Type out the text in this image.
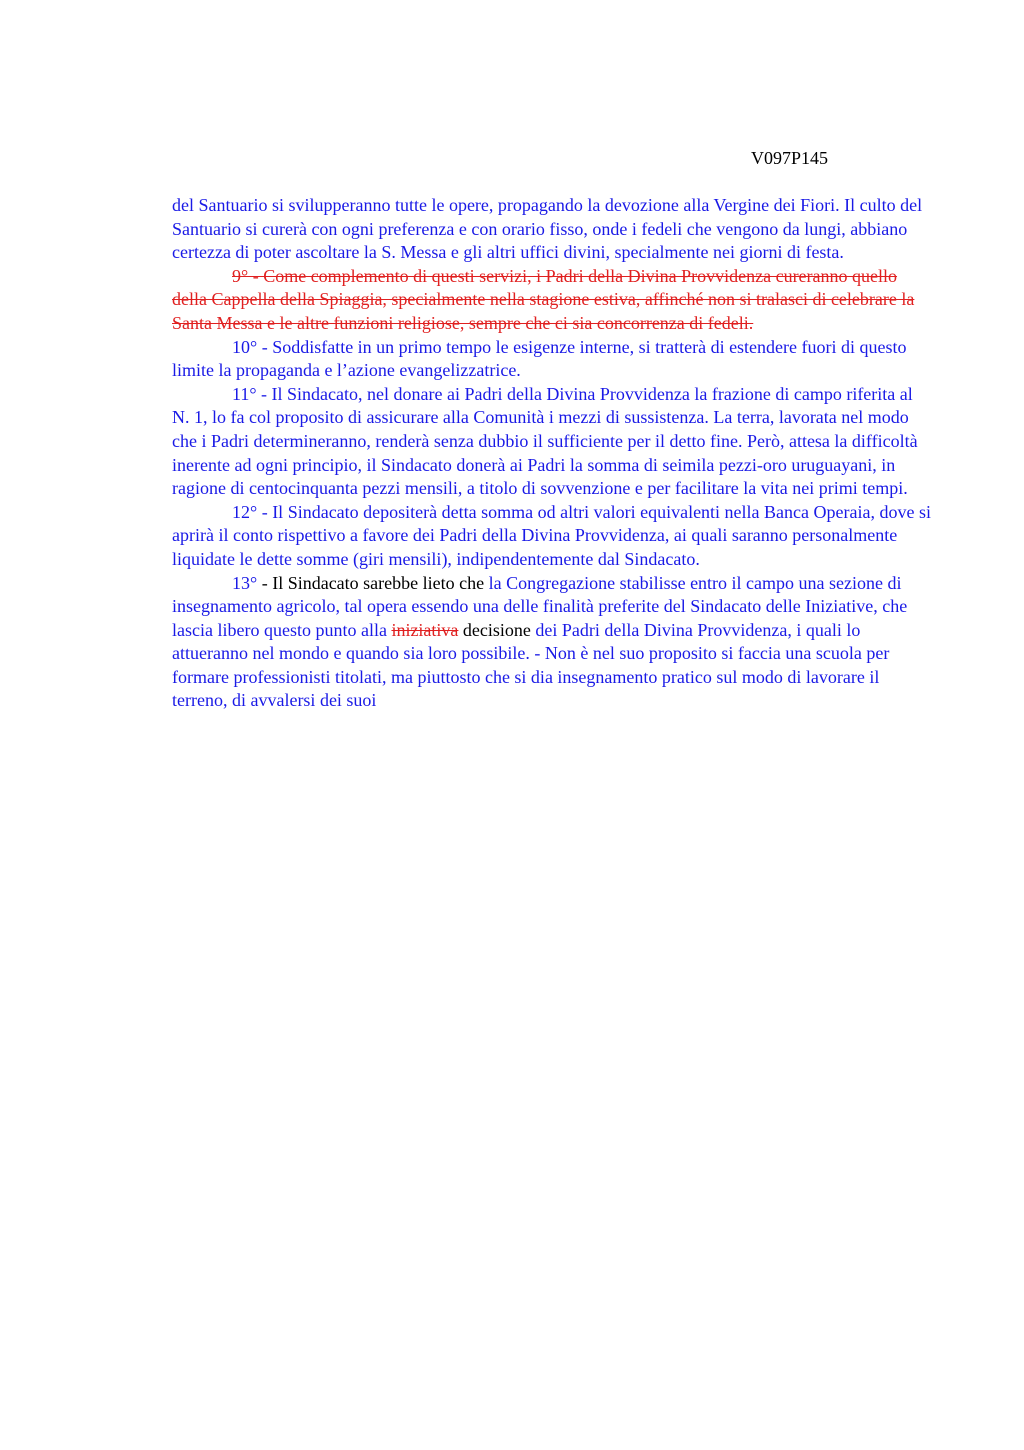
V097P145

del Santuario si svilupperanno tutte le opere, propagando la devozione alla Vergine dei Fiori. Il culto del Santuario si curerà con ogni preferenza e con orario fisso, onde i fedeli che vengono da lungi, abbiano certezza di poter ascoltare la S. Messa e gli altri uffici divini, specialmente nei giorni di festa.

9° - Come complemento di questi servizi, i Padri della Divina Provvidenza cureranno quello della Cappella della Spiaggia, specialmente nella stagione estiva, affinché non si tralasci di celebrare la Santa Messa e le altre funzioni religiose, sempre che ci sia concorrenza di fedeli.

10° - Soddisfatte in un primo tempo le esigenze interne, si tratterà di estendere fuori di questo limite la propaganda e l’azione evangelizzatrice.

11° - Il Sindacato, nel donare ai Padri della Divina Provvidenza la frazione di campo riferita al N. 1, lo fa col proposito di assicurare alla Comunità i mezzi di sussistenza. La terra, lavorata nel modo che i Padri determineranno, renderà senza dubbio il sufficiente per il detto fine. Però, attesa la difficoltà inerente ad ogni principio, il Sindacato donerà ai Padri la somma di seimila pezzi-oro uruguayani, in ragione di centocinquanta pezzi mensili, a titolo di sovvenzione e per facilitare la vita nei primi tempi.

12° - Il Sindacato depositerà detta somma od altri valori equivalenti nella Banca Operaia, dove si aprirà il conto rispettivo a favore dei Padri della Divina Provvidenza, ai quali saranno personalmente liquidate le dette somme (giri mensili), indipendentemente dal Sindacato.

13° - Il Sindacato sarebbe lieto che la Congregazione stabilisse entro il campo una sezione di insegnamento agricolo, tal opera essendo una delle finalità preferite del Sindacato delle Iniziative, che lascia libero questo punto alla iniziativa decisione dei Padri della Divina Provvidenza, i quali lo attueranno nel mondo e quando sia loro possibile. - Non è nel suo proposito si faccia una scuola per formare professionisti titolati, ma piuttosto che si dia insegnamento pratico sul modo di lavorare il terreno, di avvalersi dei suoi
